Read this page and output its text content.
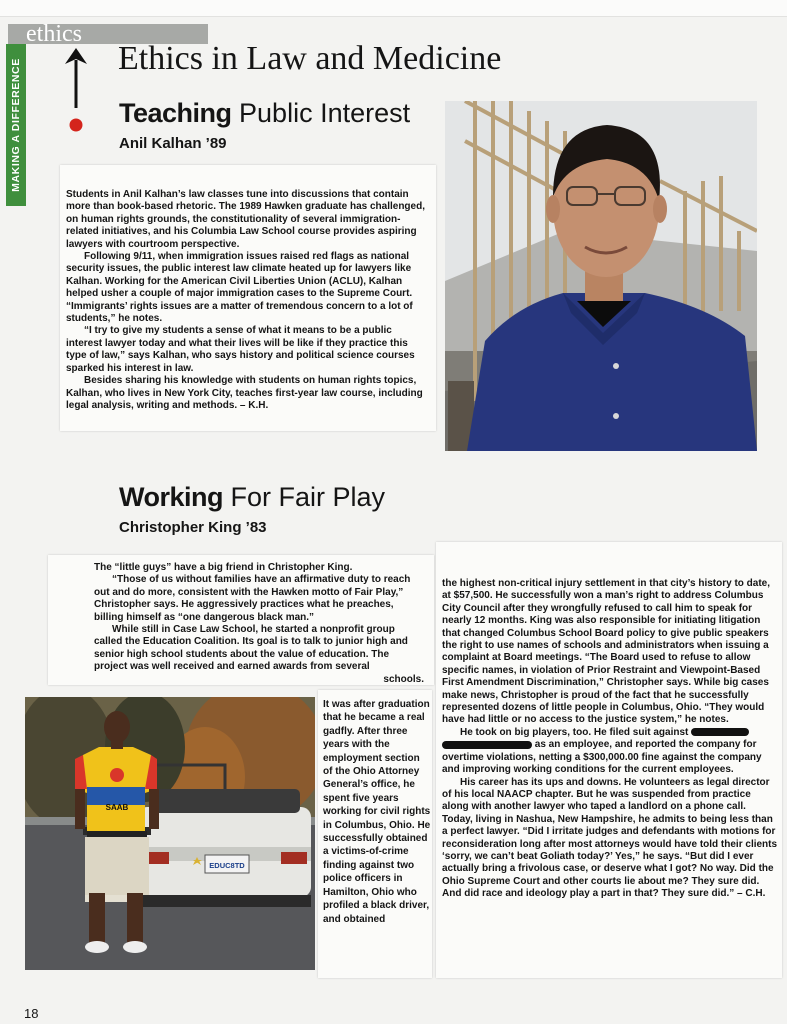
ethics
MAKING A DIFFERENCE	Ethics in Law and Medicine
Teaching Public Interest
Anil Kalhan ’89

Students in Anil Kalhan’s law classes tune into discussions that contain more than book-based rhetoric. The 1989 Hawken graduate has challenged, on human rights grounds, the constitutionality of several immigration-related initiatives, and his Columbia Law School course provides aspiring lawyers with courtroom perspective.

Following 9/11, when immigration issues raised red flags as national security issues, the public interest law climate heated up for lawyers like Kalhan. Working for the American Civil Liberties Union (ACLU), Kalhan helped usher a couple of major immigration cases to the Supreme Court. “Immigrants’ rights issues are a matter of tremendous concern to a lot of students,” he notes.

“I try to give my students a sense of what it means to be a public interest lawyer today and what their lives will be like if they practice this type of law,” says Kalhan, who says history and political science courses sparked his interest in law.

Besides sharing his knowledge with students on human rights topics, Kalhan, who lives in New York City, teaches first-year law course, including legal analysis, writing and methods. – K.H.

Working For Fair Play
Christopher King ’83

The “little guys” have a big friend in Christopher King.

“Those of us without families have an affirmative duty to reach out and do more, consistent with the Hawken motto of Fair Play,” Christopher says. He aggressively practices what he preaches, billing himself as “one dangerous black man.”

While still in Case Law School, he started a nonprofit group called the Education Coalition. Its goal is to talk to junior high and senior high school students about the value of education. The project was well received and earned awards from several

schools.

It was after graduation that he became a real gadfly. After three years with the employment section of the Ohio Attorney General’s office, he spent five years working for civil rights in Columbus, Ohio. He successfully obtained a victims-of-crime finding against two police officers in Hamilton, Ohio who profiled a black driver, and obtained

the highest non-critical injury settlement in that city’s history to date, at $57,500. He successfully won a man’s right to address Columbus City Council after they wrongfully refused to call him to speak for nearly 12 months. King was also responsible for initiating litigation that changed Columbus School Board policy to give public speakers the right to use names of schools and administrators when issuing a complaint at Board meetings. “The Board used to refuse to allow specific names, in violation of Prior Restraint and Viewpoint-Based First Amendment Discrimination,” Christopher says. While big cases make news, Christopher is proud of the fact that he successfully represented dozens of little people in Columbus, Ohio. “They would have had little or no access to the justice system,” he notes.

He took on big players, too. He filed suit against   as an employee, and reported the company for overtime violations, netting a $300,000.00 fine against the company and improving working conditions for the current employees.

His career has its ups and downs. He volunteers as legal director of his local NAACP chapter. But he was suspended from practice along with another lawyer who taped a landlord on a phone call. Today, living in Nashua, New Hampshire, he admits to being less than a perfect lawyer. “Did I irritate judges and defendants with motions for reconsideration long after most attorneys would have told their clients ‘sorry, we can’t beat Goliath today?’ Yes,” he says. “But did I ever actually bring a frivolous case, or deserve what I got? No way. Did the Ohio Supreme Court and other courts lie about me? They sure did. And did race and ideology play a part in that? They sure did.” – C.H.

EDUC8TD
SAAB
18
